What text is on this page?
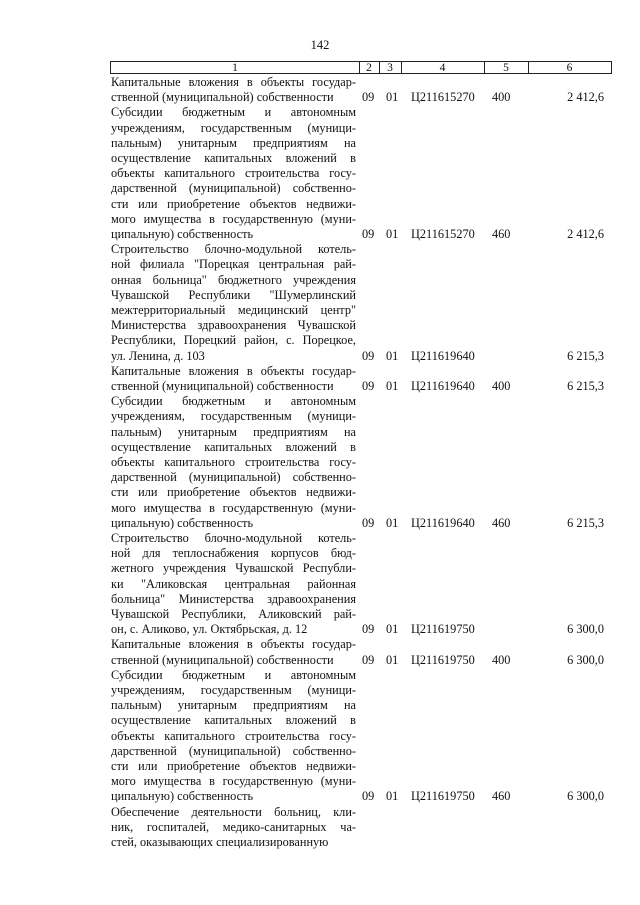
142
1	2	3	4	5	6
Капитальные вложения в объекты государ-
ственной (муниципальной) собственности	09 01 Ц211615270 400	2 412,6
Субсидии бюджетным и автономным
учреждениям, государственным (муници-
пальным) унитарным предприятиям на
осуществление капитальных вложений в
объекты капитального строительства госу-
дарственной (муниципальной) собственно-
сти или приобретение объектов недвижи-
мого имущества в государственную (муни-
ципальную) собственность	09 01 Ц211615270 460	2 412,6
Строительство блочно-модульной котель-
ной филиала "Порецкая центральная рай-
онная больница" бюджетного учреждения
Чувашской Республики "Шумерлинский
межтерриториальный медицинский центр"
Министерства здравоохранения Чувашской
Республики, Порецкий район, с. Порецкое,
ул. Ленина, д. 103	09 01 Ц211619640	6 215,3
Капитальные вложения в объекты государ-
ственной (муниципальной) собственности	09 01 Ц211619640 400	6 215,3
Субсидии бюджетным и автономным
учреждениям, государственным (муници-
пальным) унитарным предприятиям на
осуществление капитальных вложений в
объекты капитального строительства госу-
дарственной (муниципальной) собственно-
сти или приобретение объектов недвижи-
мого имущества в государственную (муни-
ципальную) собственность	09 01 Ц211619640 460	6 215,3
Строительство блочно-модульной котель-
ной для теплоснабжения корпусов бюд-
жетного учреждения Чувашской Республи-
ки "Аликовская центральная районная
больница" Министерства здравоохранения
Чувашской Республики, Аликовский рай-
он, с. Аликово, ул. Октябрьская, д. 12	09 01 Ц211619750	6 300,0
Капитальные вложения в объекты государ-
ственной (муниципальной) собственности	09 01 Ц211619750 400	6 300,0
Субсидии бюджетным и автономным
учреждениям, государственным (муници-
пальным) унитарным предприятиям на
осуществление капитальных вложений в
объекты капитального строительства госу-
дарственной (муниципальной) собственно-
сти или приобретение объектов недвижи-
мого имущества в государственную (муни-
ципальную) собственность	09 01 Ц211619750 460	6 300,0
Обеспечение деятельности больниц, кли-
ник, госпиталей, медико-санитарных ча-
стей, оказывающих специализированную
